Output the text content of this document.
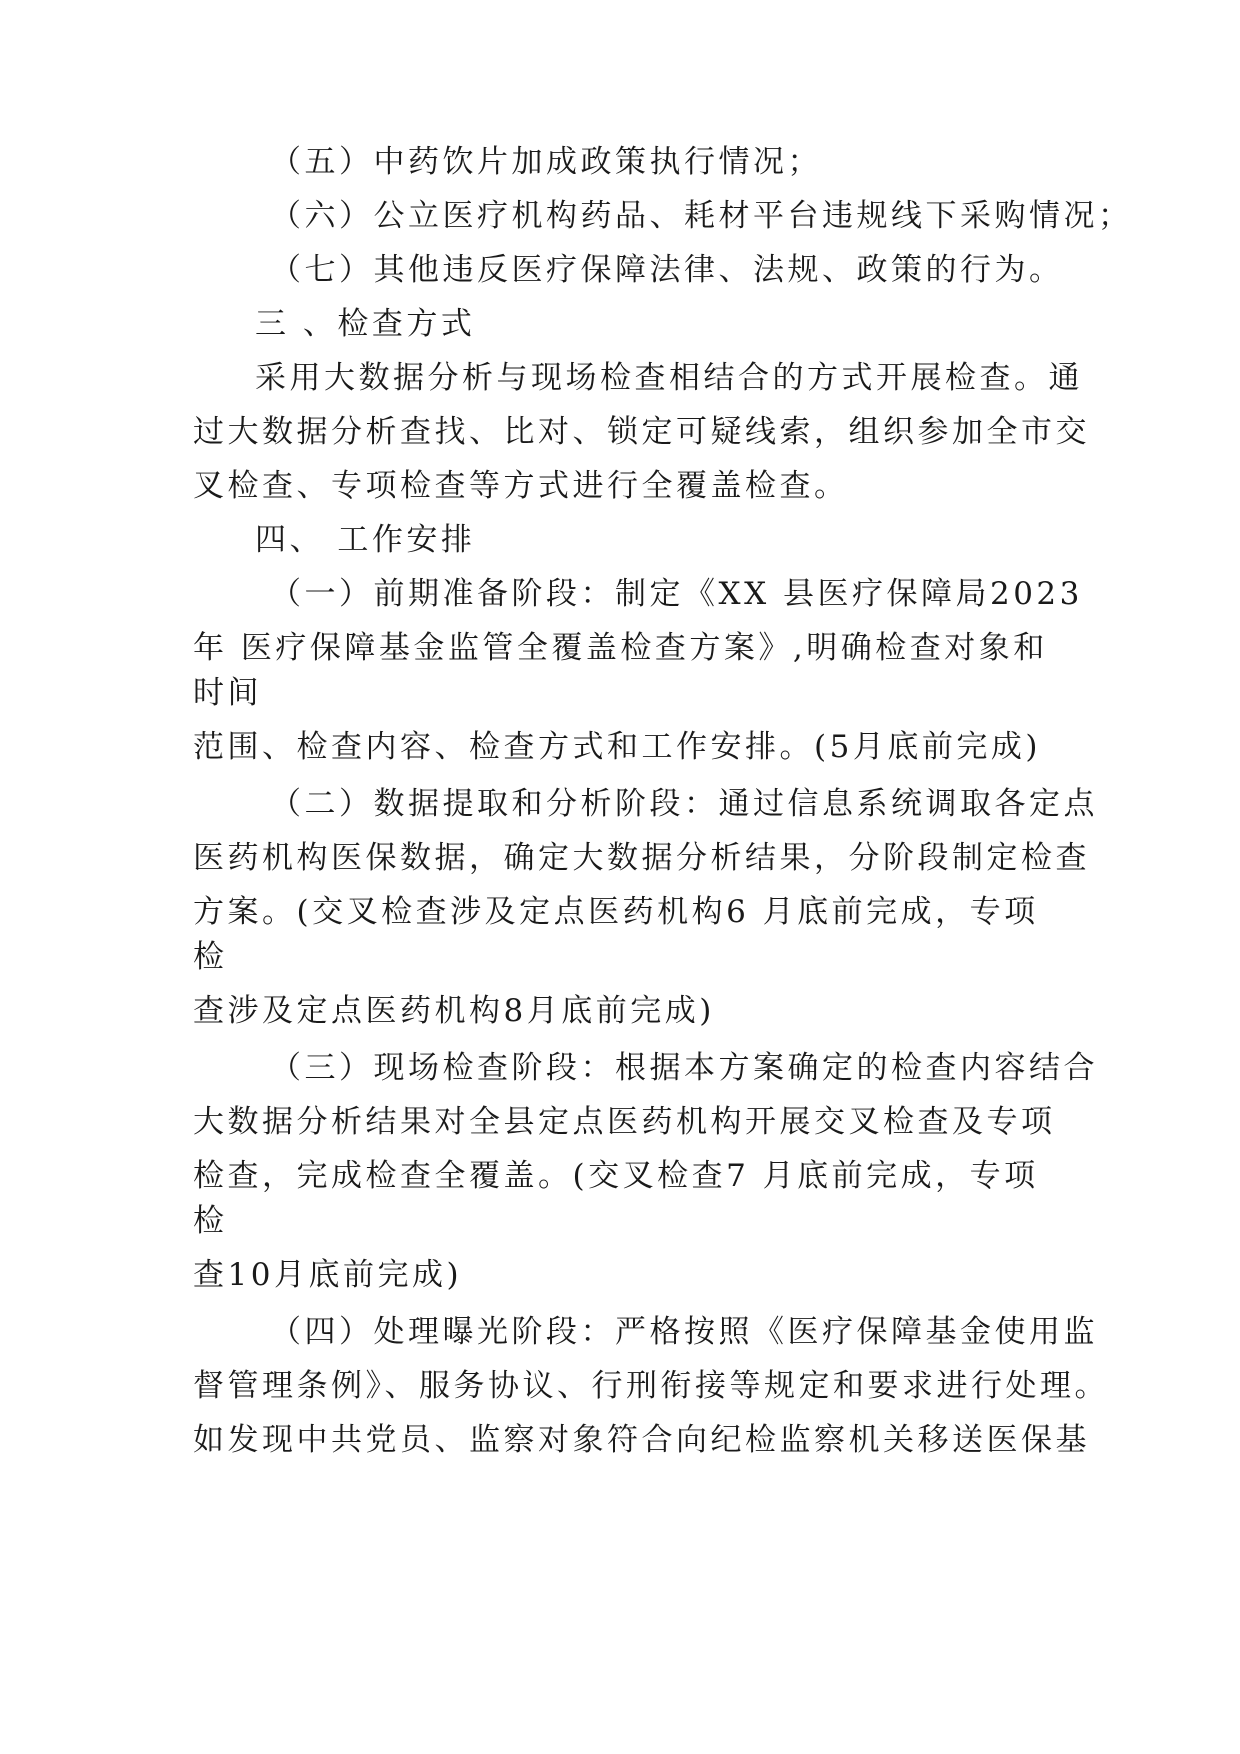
（五）中药饮片加成政策执行情况；
（六）公立医疗机构药品、耗材平台违规线下采购情况；
（七）其他违反医疗保障法律、法规、政策的行为。
三 、检查方式
采用大数据分析与现场检查相结合的方式开展检查。通
过大数据分析查找、比对、锁定可疑线索，组织参加全市交
叉检查、专项检查等方式进行全覆盖检查。
四、 工作安排
（一）前期准备阶段：制定《XX 县医疗保障局2023
年 医疗保障基金监管全覆盖检查方案》,明确检查对象和
时间
范围、检查内容、检查方式和工作安排。(5月底前完成)
（二）数据提取和分析阶段：通过信息系统调取各定点
医药机构医保数据，确定大数据分析结果，分阶段制定检查
方案。(交叉检查涉及定点医药机构6 月底前完成，专项
检
查涉及定点医药机构8月底前完成)
（三）现场检查阶段：根据本方案确定的检查内容结合
大数据分析结果对全县定点医药机构开展交叉检查及专项
检查，完成检查全覆盖。(交叉检查7 月底前完成，专项
检
查10月底前完成)
（四）处理曝光阶段：严格按照《医疗保障基金使用监
督管理条例》、服务协议、行刑衔接等规定和要求进行处理。
如发现中共党员、监察对象符合向纪检监察机关移送医保基
